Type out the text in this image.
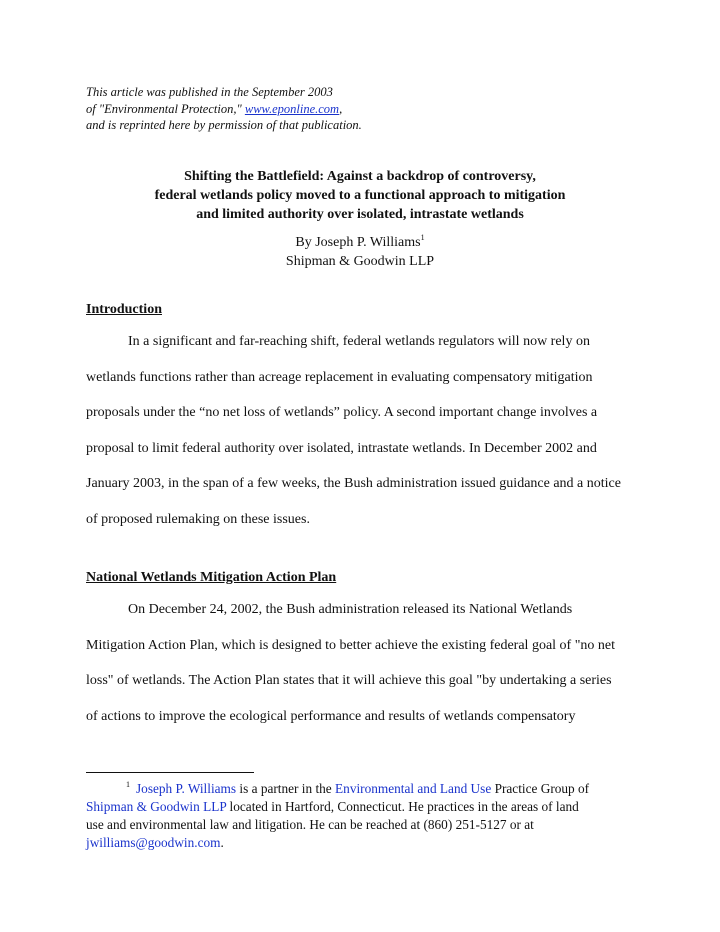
This article was published in the September 2003
of "Environmental Protection," www.eponline.com,
and is reprinted here by permission of that publication.
Shifting the Battlefield: Against a backdrop of controversy,
federal wetlands policy moved to a functional approach to mitigation
and limited authority over isolated, intrastate wetlands
By Joseph P. Williams$^1$
Shipman & Goodwin LLP
Introduction
In a significant and far-reaching shift, federal wetlands regulators will now rely on
wetlands functions rather than acreage replacement in evaluating compensatory mitigation
proposals under the “no net loss of wetlands” policy. A second important change involves a
proposal to limit federal authority over isolated, intrastate wetlands. In December 2002 and
January 2003, in the span of a few weeks, the Bush administration issued guidance and a notice
of proposed rulemaking on these issues.
National Wetlands Mitigation Action Plan
On December 24, 2002, the Bush administration released its National Wetlands
Mitigation Action Plan, which is designed to better achieve the existing federal goal of "no net
loss" of wetlands. The Action Plan states that it will achieve this goal "by undertaking a series
of actions to improve the ecological performance and results of wetlands compensatory
$^1$ Joseph P. Williams is a partner in the Environmental and Land Use Practice Group of
Shipman & Goodwin LLP located in Hartford, Connecticut. He practices in the areas of land
use and environmental law and litigation. He can be reached at (860) 251-5127 or at
jwilliams@goodwin.com.
